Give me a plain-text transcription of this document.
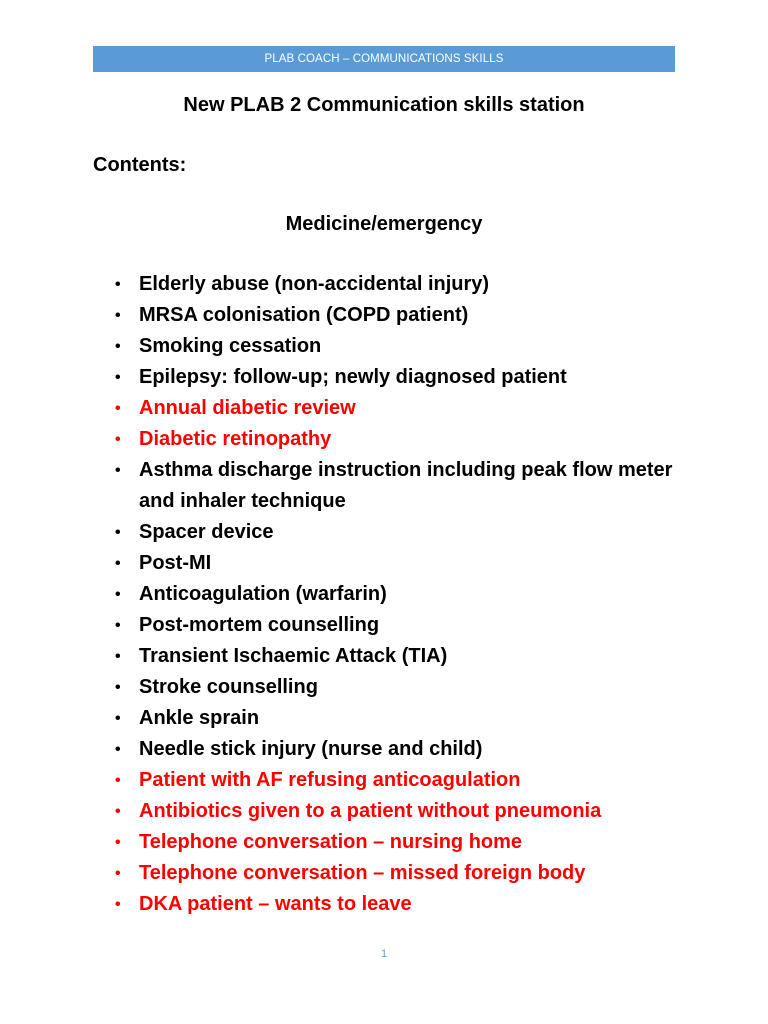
PLAB COACH – COMMUNICATIONS SKILLS
New PLAB 2 Communication skills station
Contents:
Medicine/emergency
• Elderly abuse (non-accidental injury)
• MRSA colonisation (COPD patient)
• Smoking cessation
• Epilepsy: follow-up; newly diagnosed patient
• Annual diabetic review
• Diabetic retinopathy
• Asthma discharge instruction including peak flow meter and inhaler technique
• Spacer device
• Post-MI
• Anticoagulation (warfarin)
• Post-mortem counselling
• Transient Ischaemic Attack (TIA)
• Stroke counselling
• Ankle sprain
• Needle stick injury (nurse and child)
• Patient with AF refusing anticoagulation
• Antibiotics given to a patient without pneumonia
• Telephone conversation – nursing home
• Telephone conversation – missed foreign body
• DKA patient – wants to leave
1
